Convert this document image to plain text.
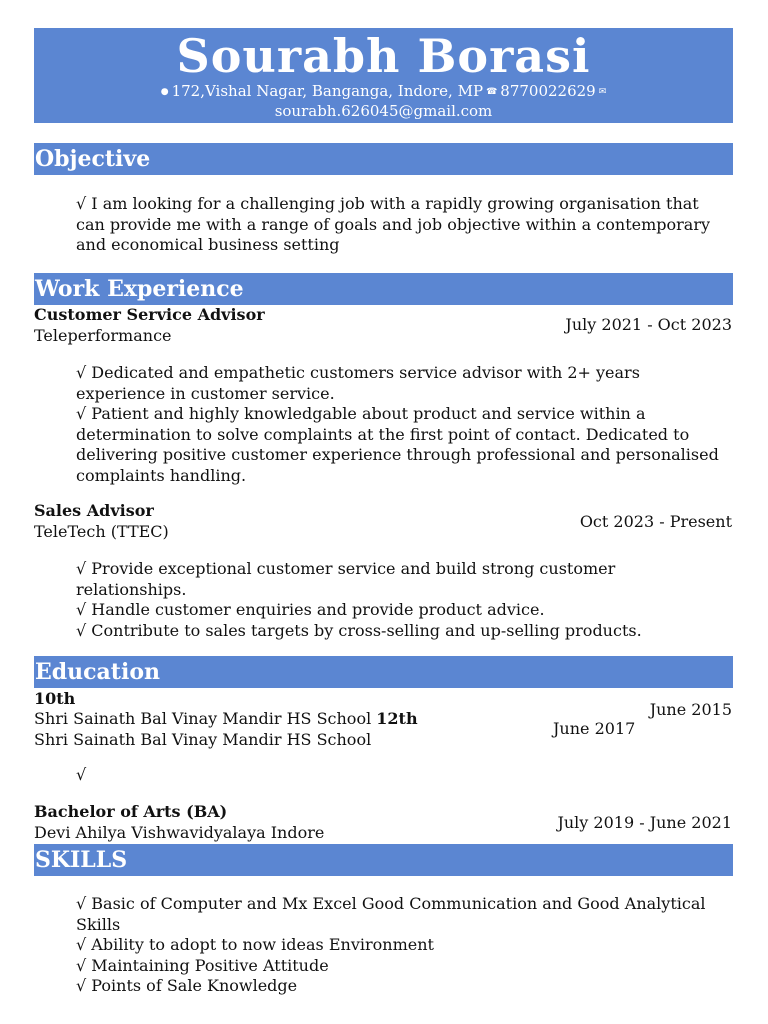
Sourabh Borasi
● 172,Vishal Nagar, Banganga, Indore, MP ☎ 8770022629 ✉
sourabh.626045@gmail.com
Objective
√ I am looking for a challenging job with a rapidly growing organisation that
can provide me with a range of goals and job objective within a contemporary
and economical business setting
Work Experience
Customer Service Advisor
Teleperformance
July 2021 - Oct 2023
√ Dedicated and empathetic customers service advisor with 2+ years
experience in customer service.
√ Patient and highly knowledgable about product and service within a
determination to solve complaints at the first point of contact. Dedicated to
delivering positive customer experience through professional and personalised
complaints handling.
Sales Advisor
TeleTech (TTEC)
Oct 2023 - Present
√ Provide exceptional customer service and build strong customer
relationships.
√ Handle customer enquiries and provide product advice.
√ Contribute to sales targets by cross-selling and up-selling products.
Education
10th
Shri Sainath Bal Vinay Mandir HS School 12th
Shri Sainath Bal Vinay Mandir HS School
June 2015
June 2017
√
Bachelor of Arts (BA)
Devi Ahilya Vishwavidyalaya Indore
July 2019 - June 2021
SKILLS
√ Basic of Computer and Mx Excel Good Communication and Good Analytical
Skills
√ Ability to adopt to now ideas Environment
√ Maintaining Positive Attitude
√ Points of Sale Knowledge
